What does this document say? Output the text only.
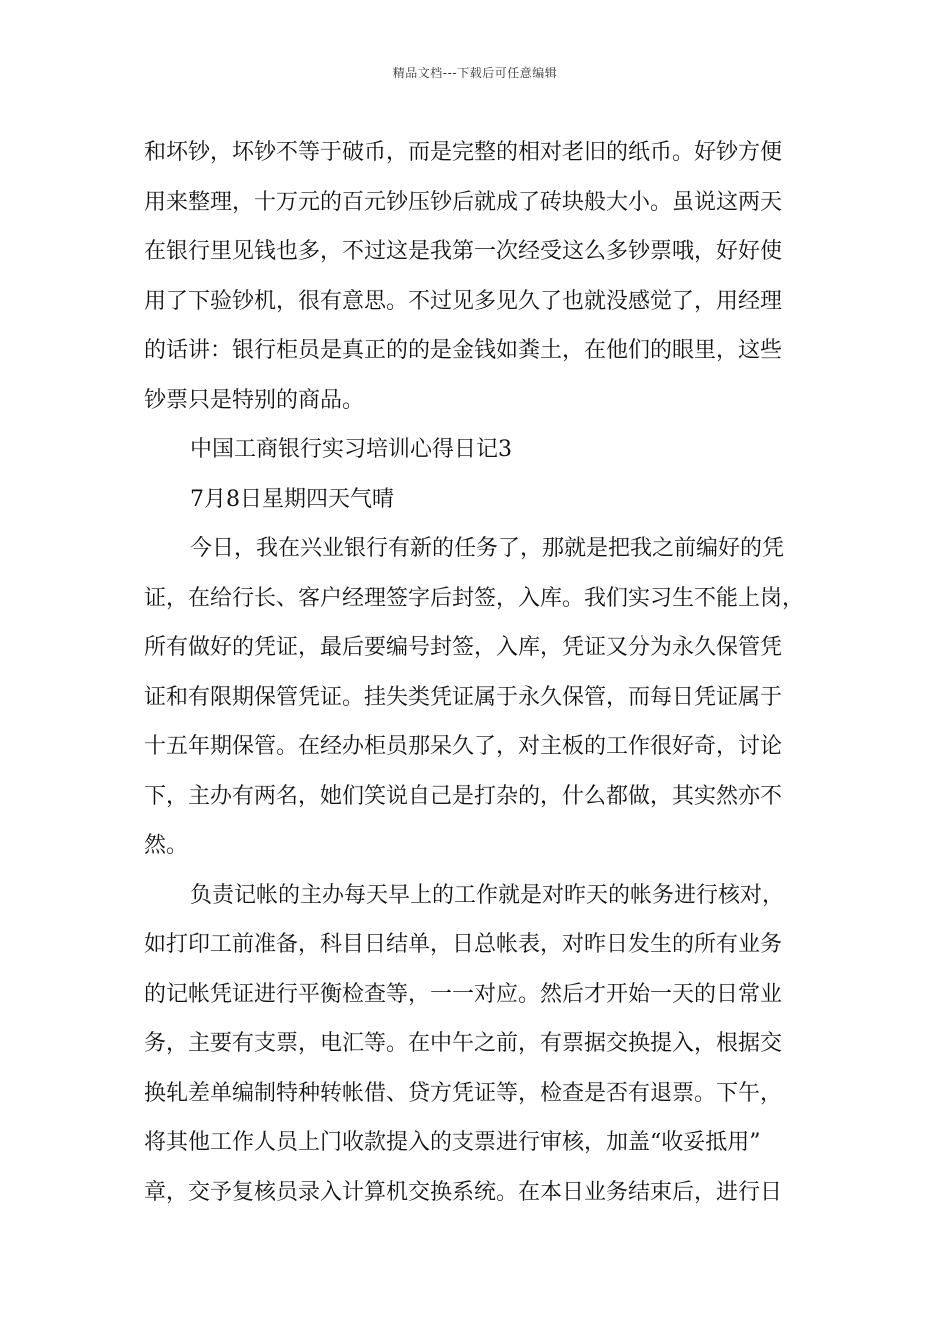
精品文档---下载后可任意编辑
和坏钞，坏钞不等于破币，而是完整的相对老旧的纸币。好钞方便
用来整理，十万元的百元钞压钞后就成了砖块般大小。虽说这两天
在银行里见钱也多，不过这是我第一次经受这么多钞票哦，好好使
用了下验钞机，很有意思。不过见多见久了也就没感觉了，用经理
的话讲：银行柜员是真正的的是金钱如粪土，在他们的眼里，这些
钞票只是特别的商品。
中国工商银行实习培训心得日记3
7月8日星期四天气晴
今日，我在兴业银行有新的任务了，那就是把我之前编好的凭
证，在给行长、客户经理签字后封签，入库。我们实习生不能上岗，
所有做好的凭证，最后要编号封签，入库，凭证又分为永久保管凭
证和有限期保管凭证。挂失类凭证属于永久保管，而每日凭证属于
十五年期保管。在经办柜员那呆久了，对主板的工作很好奇，讨论
下，主办有两名，她们笑说自己是打杂的，什么都做，其实然亦不
然。
负责记帐的主办每天早上的工作就是对昨天的帐务进行核对，
如打印工前准备，科目日结单，日总帐表，对昨日发生的所有业务
的记帐凭证进行平衡检查等，一一对应。然后才开始一天的日常业
务，主要有支票，电汇等。在中午之前，有票据交换提入，根据交
换轧差单编制特种转帐借、贷方凭证等，检查是否有退票。下午，
将其他工作人员上门收款提入的支票进行审核，加盖“收妥抵用”
章，交予复核员录入计算机交换系统。在本日业务结束后，进行日
